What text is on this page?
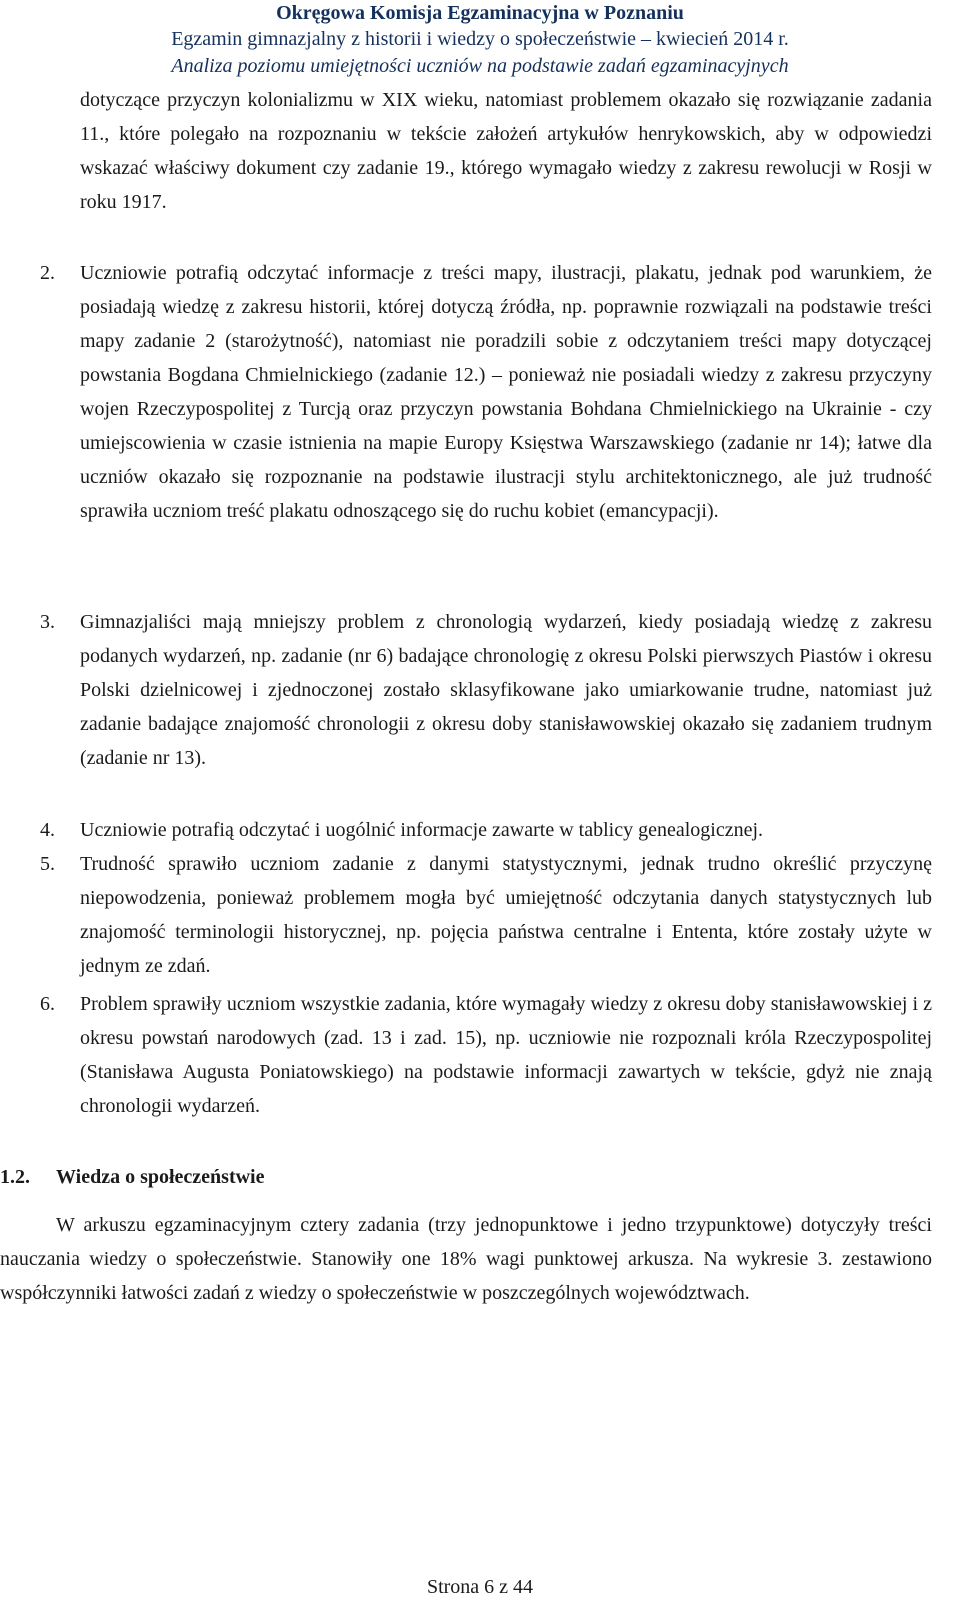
Okręgowa Komisja Egzaminacyjna w Poznaniu
Egzamin gimnazjalny z historii i wiedzy o społeczeństwie – kwiecień 2014 r.
Analiza poziomu umiejętności uczniów na podstawie zadań egzaminacyjnych

dotyczące przyczyn kolonializmu w XIX wieku, natomiast problemem okazało się rozwiązanie zadania 11., które polegało na rozpoznaniu w tekście założeń artykułów henrykowskich, aby w odpowiedzi wskazać właściwy dokument czy zadanie 19., którego wymagało wiedzy z zakresu rewolucji w Rosji w roku 1917.

2.	Uczniowie potrafią odczytać informacje z treści mapy, ilustracji, plakatu, jednak pod warunkiem, że posiadają wiedzę z zakresu historii, której dotyczą źródła, np. poprawnie rozwiązali na podstawie treści mapy zadanie 2 (starożytność), natomiast nie poradzili sobie z odczytaniem treści mapy dotyczącej powstania Bogdana Chmielnickiego (zadanie 12.) – ponieważ nie posiadali wiedzy z zakresu przyczyny wojen Rzeczypospolitej z Turcją oraz przyczyn powstania Bohdana Chmielnickiego na Ukrainie - czy umiejscowienia w czasie istnienia na mapie Europy Księstwa Warszawskiego (zadanie nr 14); łatwe dla uczniów okazało się rozpoznanie na podstawie ilustracji stylu architektonicznego, ale już trudność sprawiła uczniom treść plakatu odnoszącego się do ruchu kobiet (emancypacji).

3.	Gimnazjaliści mają mniejszy problem z chronologią wydarzeń, kiedy posiadają wiedzę z zakresu podanych wydarzeń, np. zadanie (nr 6) badające chronologię z okresu Polski pierwszych Piastów i okresu Polski dzielnicowej i zjednoczonej zostało sklasyfikowane jako umiarkowanie trudne, natomiast już zadanie badające znajomość chronologii z okresu doby stanisławowskiej okazało się zadaniem trudnym (zadanie nr 13).

4.	Uczniowie potrafią odczytać i uogólnić informacje zawarte w tablicy genealogicznej.

5.	Trudność sprawiło uczniom zadanie z danymi statystycznymi, jednak trudno określić przyczynę niepowodzenia, ponieważ problemem mogła być umiejętność odczytania danych statystycznych lub znajomość terminologii historycznej, np. pojęcia państwa centralne i Ententa, które zostały użyte w jednym ze zdań.

6.	Problem sprawiły uczniom wszystkie zadania, które wymagały wiedzy z okresu doby stanisławowskiej i z okresu powstań narodowych (zad. 13 i zad. 15), np. uczniowie nie rozpoznali króla Rzeczypospolitej (Stanisława Augusta Poniatowskiego) na podstawie informacji zawartych w tekście, gdyż nie znają chronologii wydarzeń.

1.2. Wiedza o społeczeństwie

W arkuszu egzaminacyjnym cztery zadania (trzy jednopunktowe i jedno trzypunktowe) dotyczyły treści nauczania wiedzy o społeczeństwie. Stanowiły one 18% wagi punktowej arkusza. Na wykresie 3. zestawiono współczynniki łatwości zadań z wiedzy o społeczeństwie w poszczególnych województwach.

Strona 6 z 44
